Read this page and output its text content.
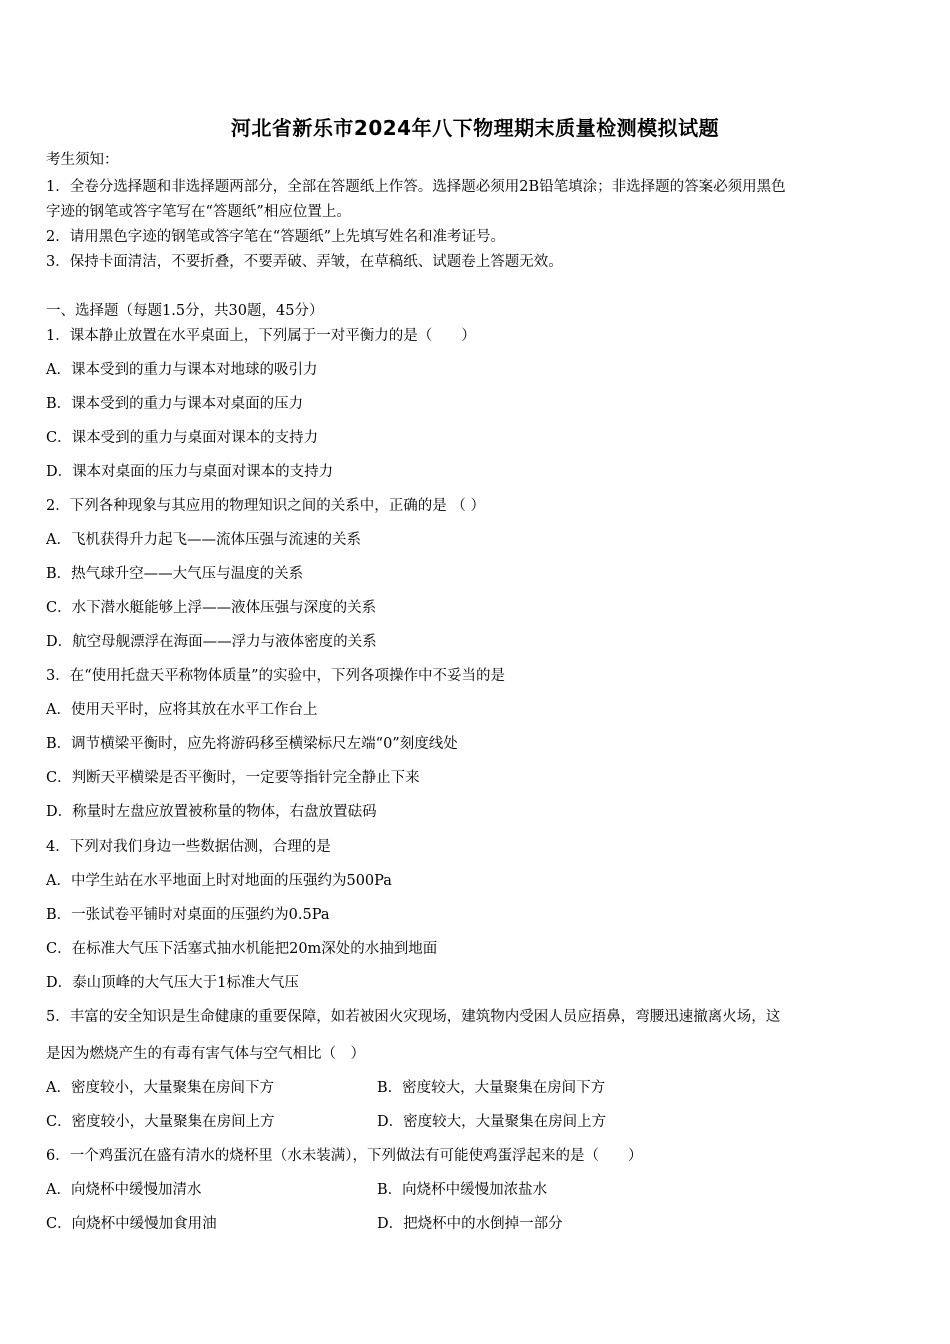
河北省新乐市2024年八下物理期末质量检测模拟试题
考生须知：
1．全卷分选择题和非选择题两部分，全部在答题纸上作答。选择题必须用2B铅笔填涂；非选择题的答案必须用黑色
字迹的钢笔或答字笔写在“答题纸”相应位置上。
2．请用黑色字迹的钢笔或答字笔在“答题纸”上先填写姓名和准考证号。
3．保持卡面清洁，不要折叠，不要弄破、弄皱，在草稿纸、试题卷上答题无效。
一、选择题（每题1.5分，共30题，45分）
1．课本静止放置在水平桌面上，下列属于一对平衡力的是（　　）
A．课本受到的重力与课本对地球的吸引力
B．课本受到的重力与课本对桌面的压力
C．课本受到的重力与桌面对课本的支持力
D．课本对桌面的压力与桌面对课本的支持力
2．下列各种现象与其应用的物理知识之间的关系中，正确的是 （ ）
A．飞机获得升力起飞——流体压强与流速的关系
B．热气球升空——大气压与温度的关系
C．水下潜水艇能够上浮——液体压强与深度的关系
D．航空母舰漂浮在海面——浮力与液体密度的关系
3．在“使用托盘天平称物体质量”的实验中，下列各项操作中不妥当的是
A．使用天平时，应将其放在水平工作台上
B．调节横梁平衡时，应先将游码移至横梁标尺左端“0”刻度线处
C．判断天平横梁是否平衡时，一定要等指针完全静止下来
D．称量时左盘应放置被称量的物体，右盘放置砝码
4．下列对我们身边一些数据估测，合理的是
A．中学生站在水平地面上时对地面的压强约为500Pa
B．一张试卷平铺时对桌面的压强约为0.5Pa
C．在标准大气压下活塞式抽水机能把20m深处的水抽到地面
D．泰山顶峰的大气压大于1标准大气压
5．丰富的安全知识是生命健康的重要保障，如若被困火灾现场，建筑物内受困人员应捂鼻，弯腰迅速撤离火场，这
是因为燃烧产生的有毒有害气体与空气相比（　）
A．密度较小，大量聚集在房间下方	B．密度较大，大量聚集在房间下方
C．密度较小，大量聚集在房间上方	D．密度较大，大量聚集在房间上方
6．一个鸡蛋沉在盛有清水的烧杯里（水未装满），下列做法有可能使鸡蛋浮起来的是（　　）
A．向烧杯中缓慢加清水	B．向烧杯中缓慢加浓盐水
C．向烧杯中缓慢加食用油	D．把烧杯中的水倒掉一部分
